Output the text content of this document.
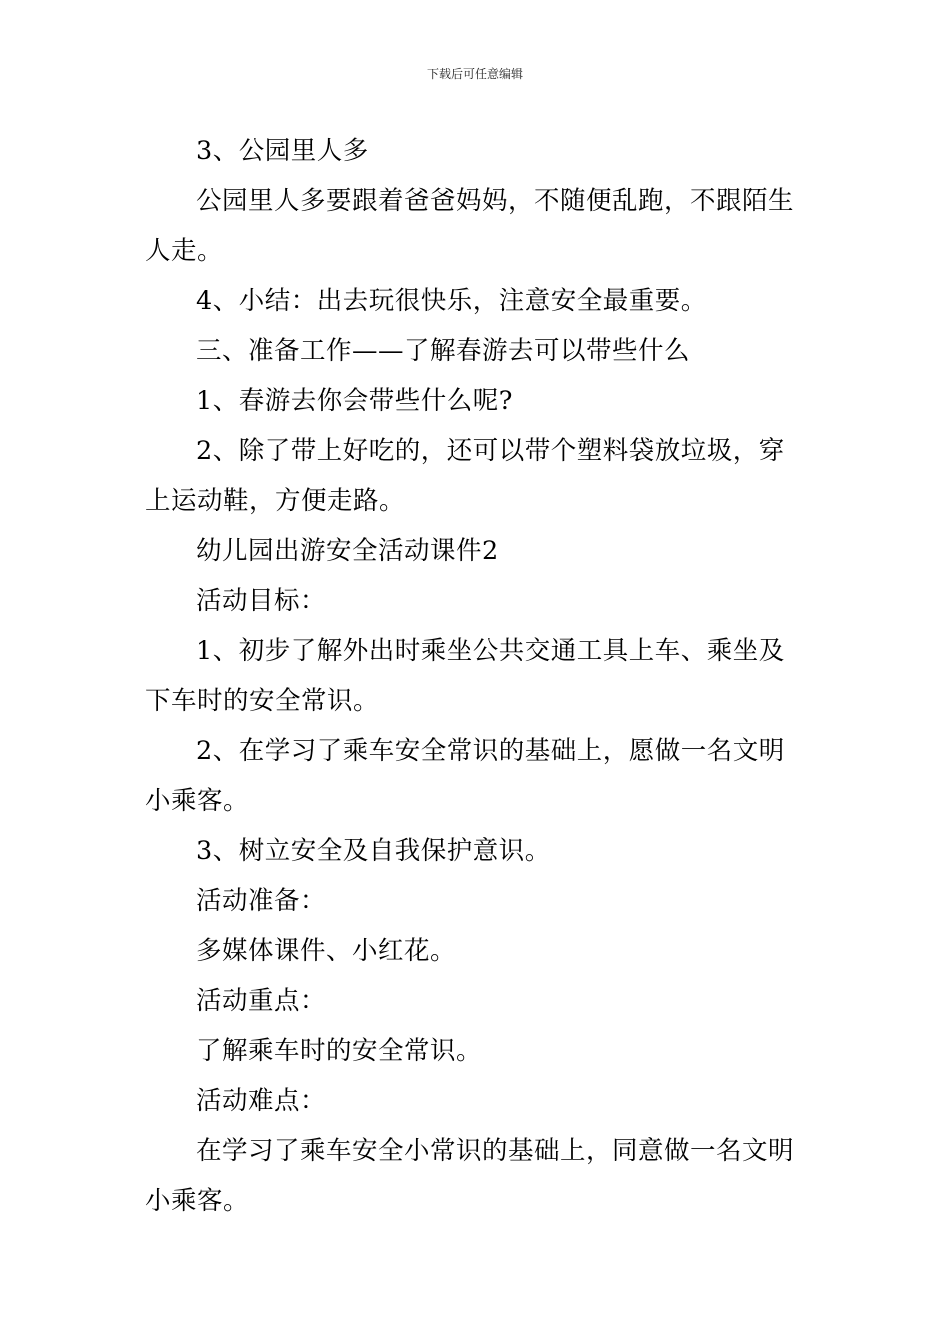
下载后可任意编辑

3、公园里人多

公园里人多要跟着爸爸妈妈，不随便乱跑，不跟陌生人走。

4、小结：出去玩很快乐，注意安全最重要。

三、准备工作——了解春游去可以带些什么

1、春游去你会带些什么呢?

2、除了带上好吃的，还可以带个塑料袋放垃圾，穿上运动鞋，方便走路。

幼儿园出游安全活动课件2

活动目标：

1、初步了解外出时乘坐公共交通工具上车、乘坐及下车时的安全常识。

2、在学习了乘车安全常识的基础上，愿做一名文明小乘客。

3、树立安全及自我保护意识。

活动准备：

多媒体课件、小红花。

活动重点：

了解乘车时的安全常识。

活动难点：

在学习了乘车安全小常识的基础上，同意做一名文明小乘客。
